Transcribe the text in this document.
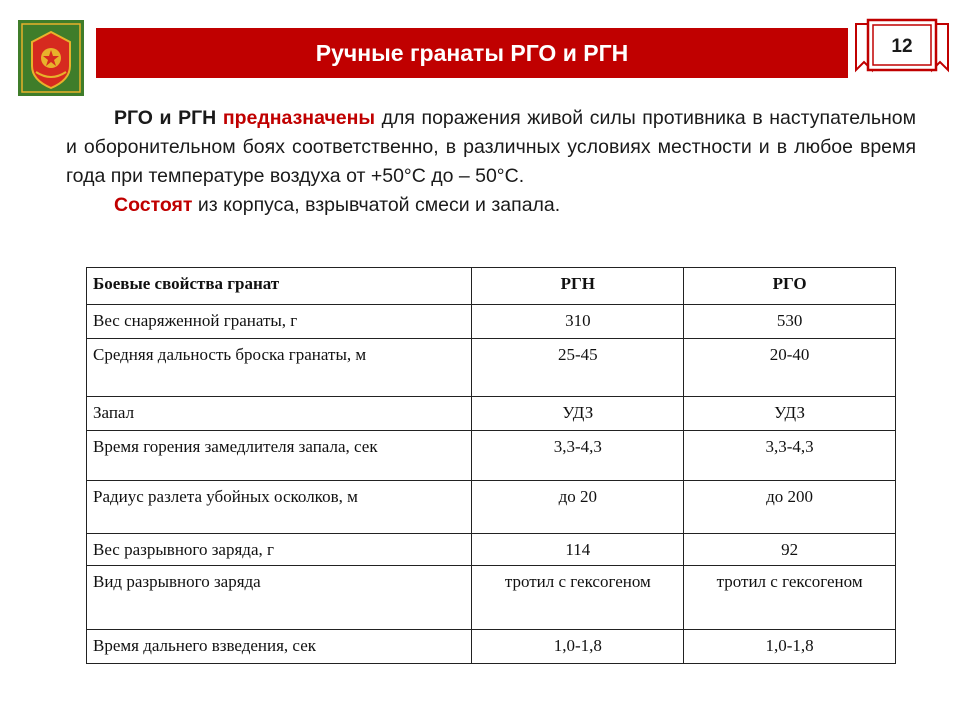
Ручные гранаты РГО и РГН	12

РГО и РГН предназначены для поражения живой силы противника в наступательном и оборонительном боях соответственно, в различных условиях местности и в любое время года при температуре воздуха от +50°С до – 50°С.

Состоят из корпуса, взрывчатой смеси и запала.

Боевые свойства гранат	РГН	РГО
Вес снаряженной гранаты, г	310	530
Средняя дальность броска гранаты, м	25-45	20-40
Запал	УДЗ	УДЗ
Время горения замедлителя запала, сек	3,3-4,3	3,3-4,3
Радиус разлета убойных осколков, м	до 20	до 200
Вес разрывного заряда, г	114	92
Вид разрывного заряда	тротил с гексогеном	тротил с гексогеном
Время дальнего взведения, сек	1,0-1,8	1,0-1,8
